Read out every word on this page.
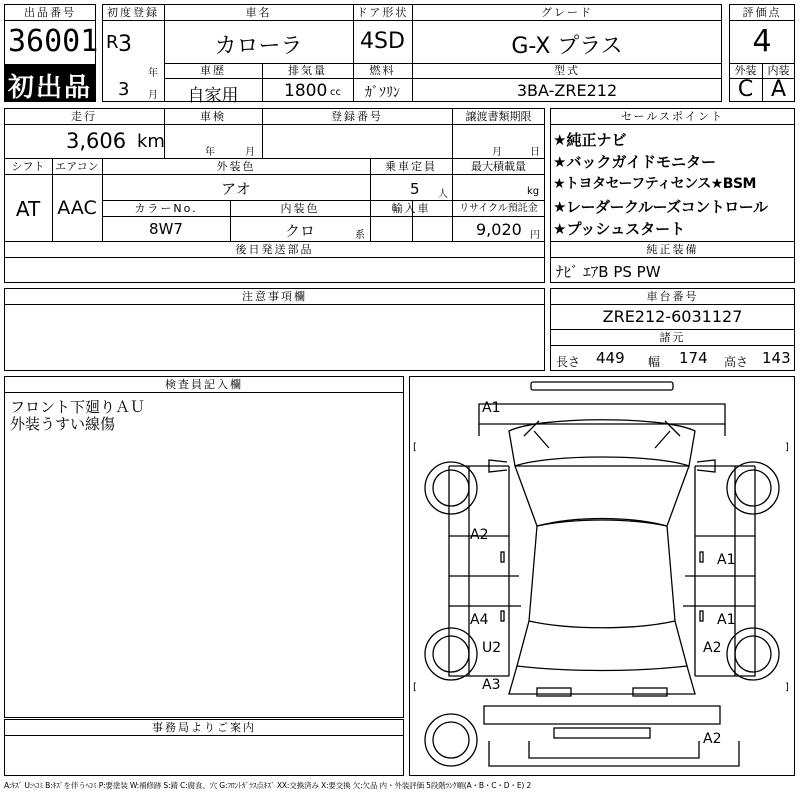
出品番号
36001
初出品
初度登録
R 3
年
3 月
車名
カローラ
ドア形状
4SD
グレード
G-X プラス
車歴
自家用
排気量
1800 cc
燃料
ｶﾞｿﾘﾝ
型式
3BA-ZRE212
評価点
4
外装	内装
C A
走行
3,606 km
車検
年	月
登録番号	譲渡書類期限
月	日
シフト
AT
エアコン
AAC
外装色
アオ
乗車定員
5 人
最大積載量
kg
カラーNo.
8W7
内装色
クロ	系
輸入車	リサイクル預託金
9,020 円
後日発送部品
セールスポイント
★純正ナビ
★バックガイドモニター
★トヨタセーフティセンス★BSM
★レーダークルーズコントロール
★プッシュスタート
純正装備
ﾅﾋﾞ ｴｱB PS PW
注意事項欄	車台番号
ZRE212-6031127
諸元
長さ 449 幅 174 高さ 143
検査員記入欄
フロント下廻りＡＵ
外装うすい線傷
事務局よりご案内
[	]
[	]
A1
A2
A1
A4	A1
U2	A2
A3
A2
A:ｷｽﾞ U:ﾍｺﾐ B:ｷｽﾞを伴うﾍｺﾐ P:要塗装 W:補修跡 S:錆 C:腐食、穴 G:ﾌﾛﾝﾄｶﾞﾗｽ点ｷｽﾞ XX:交換済み X:要交換 欠:欠品 内・外装評価 5段階ﾗﾝｸ順(A・B・C・D・E) 2
